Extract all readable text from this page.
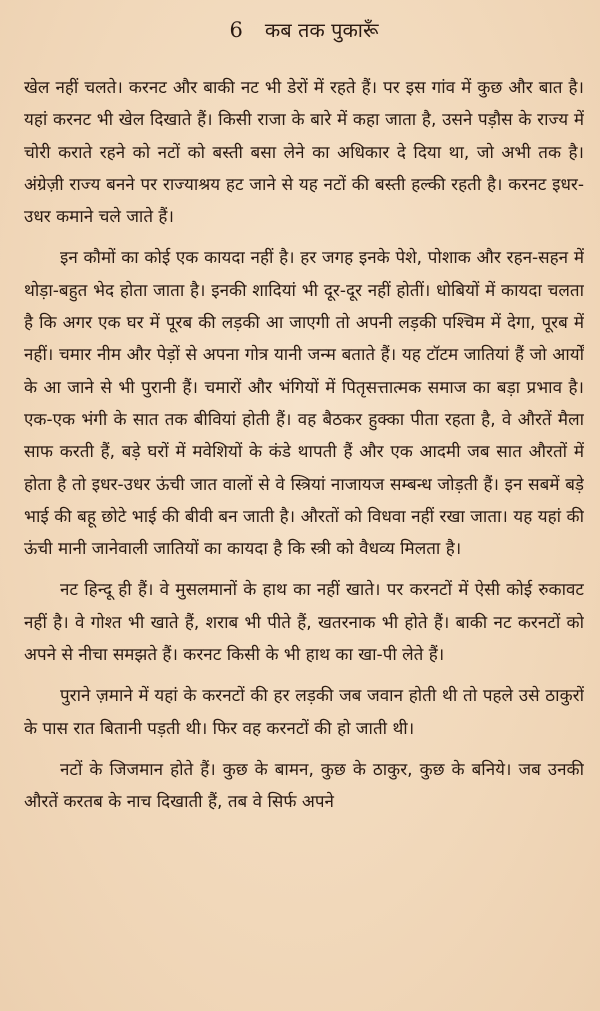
6 कब तक पुकारूँ

खेल नहीं चलते। करनट और बाकी नट भी डेरों में रहते हैं। पर इस गांव में कुछ और बात है। यहां करनट भी खेल दिखाते हैं। किसी राजा के बारे में कहा जाता है, उसने पड़ौस के राज्य में चोरी कराते रहने को नटों को बस्ती बसा लेने का अधिकार दे दिया था, जो अभी तक है। अंग्रेज़ी राज्य बनने पर राज्याश्रय हट जाने से यह नटों की बस्ती हल्की रहती है। करनट इधर-उधर कमाने चले जाते हैं।

इन कौमों का कोई एक कायदा नहीं है। हर जगह इनके पेशे, पोशाक और रहन-सहन में थोड़ा-बहुत भेद होता जाता है। इनकी शादियां भी दूर-दूर नहीं होतीं। धोबियों में कायदा चलता है कि अगर एक घर में पूरब की लड़की आ जाएगी तो अपनी लड़की पश्चिम में देगा, पूरब में नहीं। चमार नीम और पेड़ों से अपना गोत्र यानी जन्म बताते हैं। यह टॉटम जातियां हैं जो आर्यों के आ जाने से भी पुरानी हैं। चमारों और भंगियों में पितृसत्तात्मक समाज का बड़ा प्रभाव है। एक-एक भंगी के सात तक बीवियां होती हैं। वह बैठकर हुक्का पीता रहता है, वे औरतें मैला साफ करती हैं, बड़े घरों में मवेशियों के कंडे थापती हैं और एक आदमी जब सात औरतों में होता है तो इधर-उधर ऊंची जात वालों से वे स्त्रियां नाजायज सम्बन्ध जोड़ती हैं। इन सबमें बड़े भाई की बहू छोटे भाई की बीवी बन जाती है। औरतों को विधवा नहीं रखा जाता। यह यहां की ऊंची मानी जानेवाली जातियों का कायदा है कि स्त्री को वैधव्य मिलता है।

नट हिन्दू ही हैं। वे मुसलमानों के हाथ का नहीं खाते। पर करनटों में ऐसी कोई रुकावट नहीं है। वे गोश्त भी खाते हैं, शराब भी पीते हैं, खतरनाक भी होते हैं। बाकी नट करनटों को अपने से नीचा समझते हैं। करनट किसी के भी हाथ का खा-पी लेते हैं।

पुराने ज़माने में यहां के करनटों की हर लड़की जब जवान होती थी तो पहले उसे ठाकुरों के पास रात बितानी पड़ती थी। फिर वह करनटों की हो जाती थी।

नटों के जिजमान होते हैं। कुछ के बामन, कुछ के ठाकुर, कुछ के बनिये। जब उनकी औरतें करतब के नाच दिखाती हैं, तब वे सिर्फ अपने
